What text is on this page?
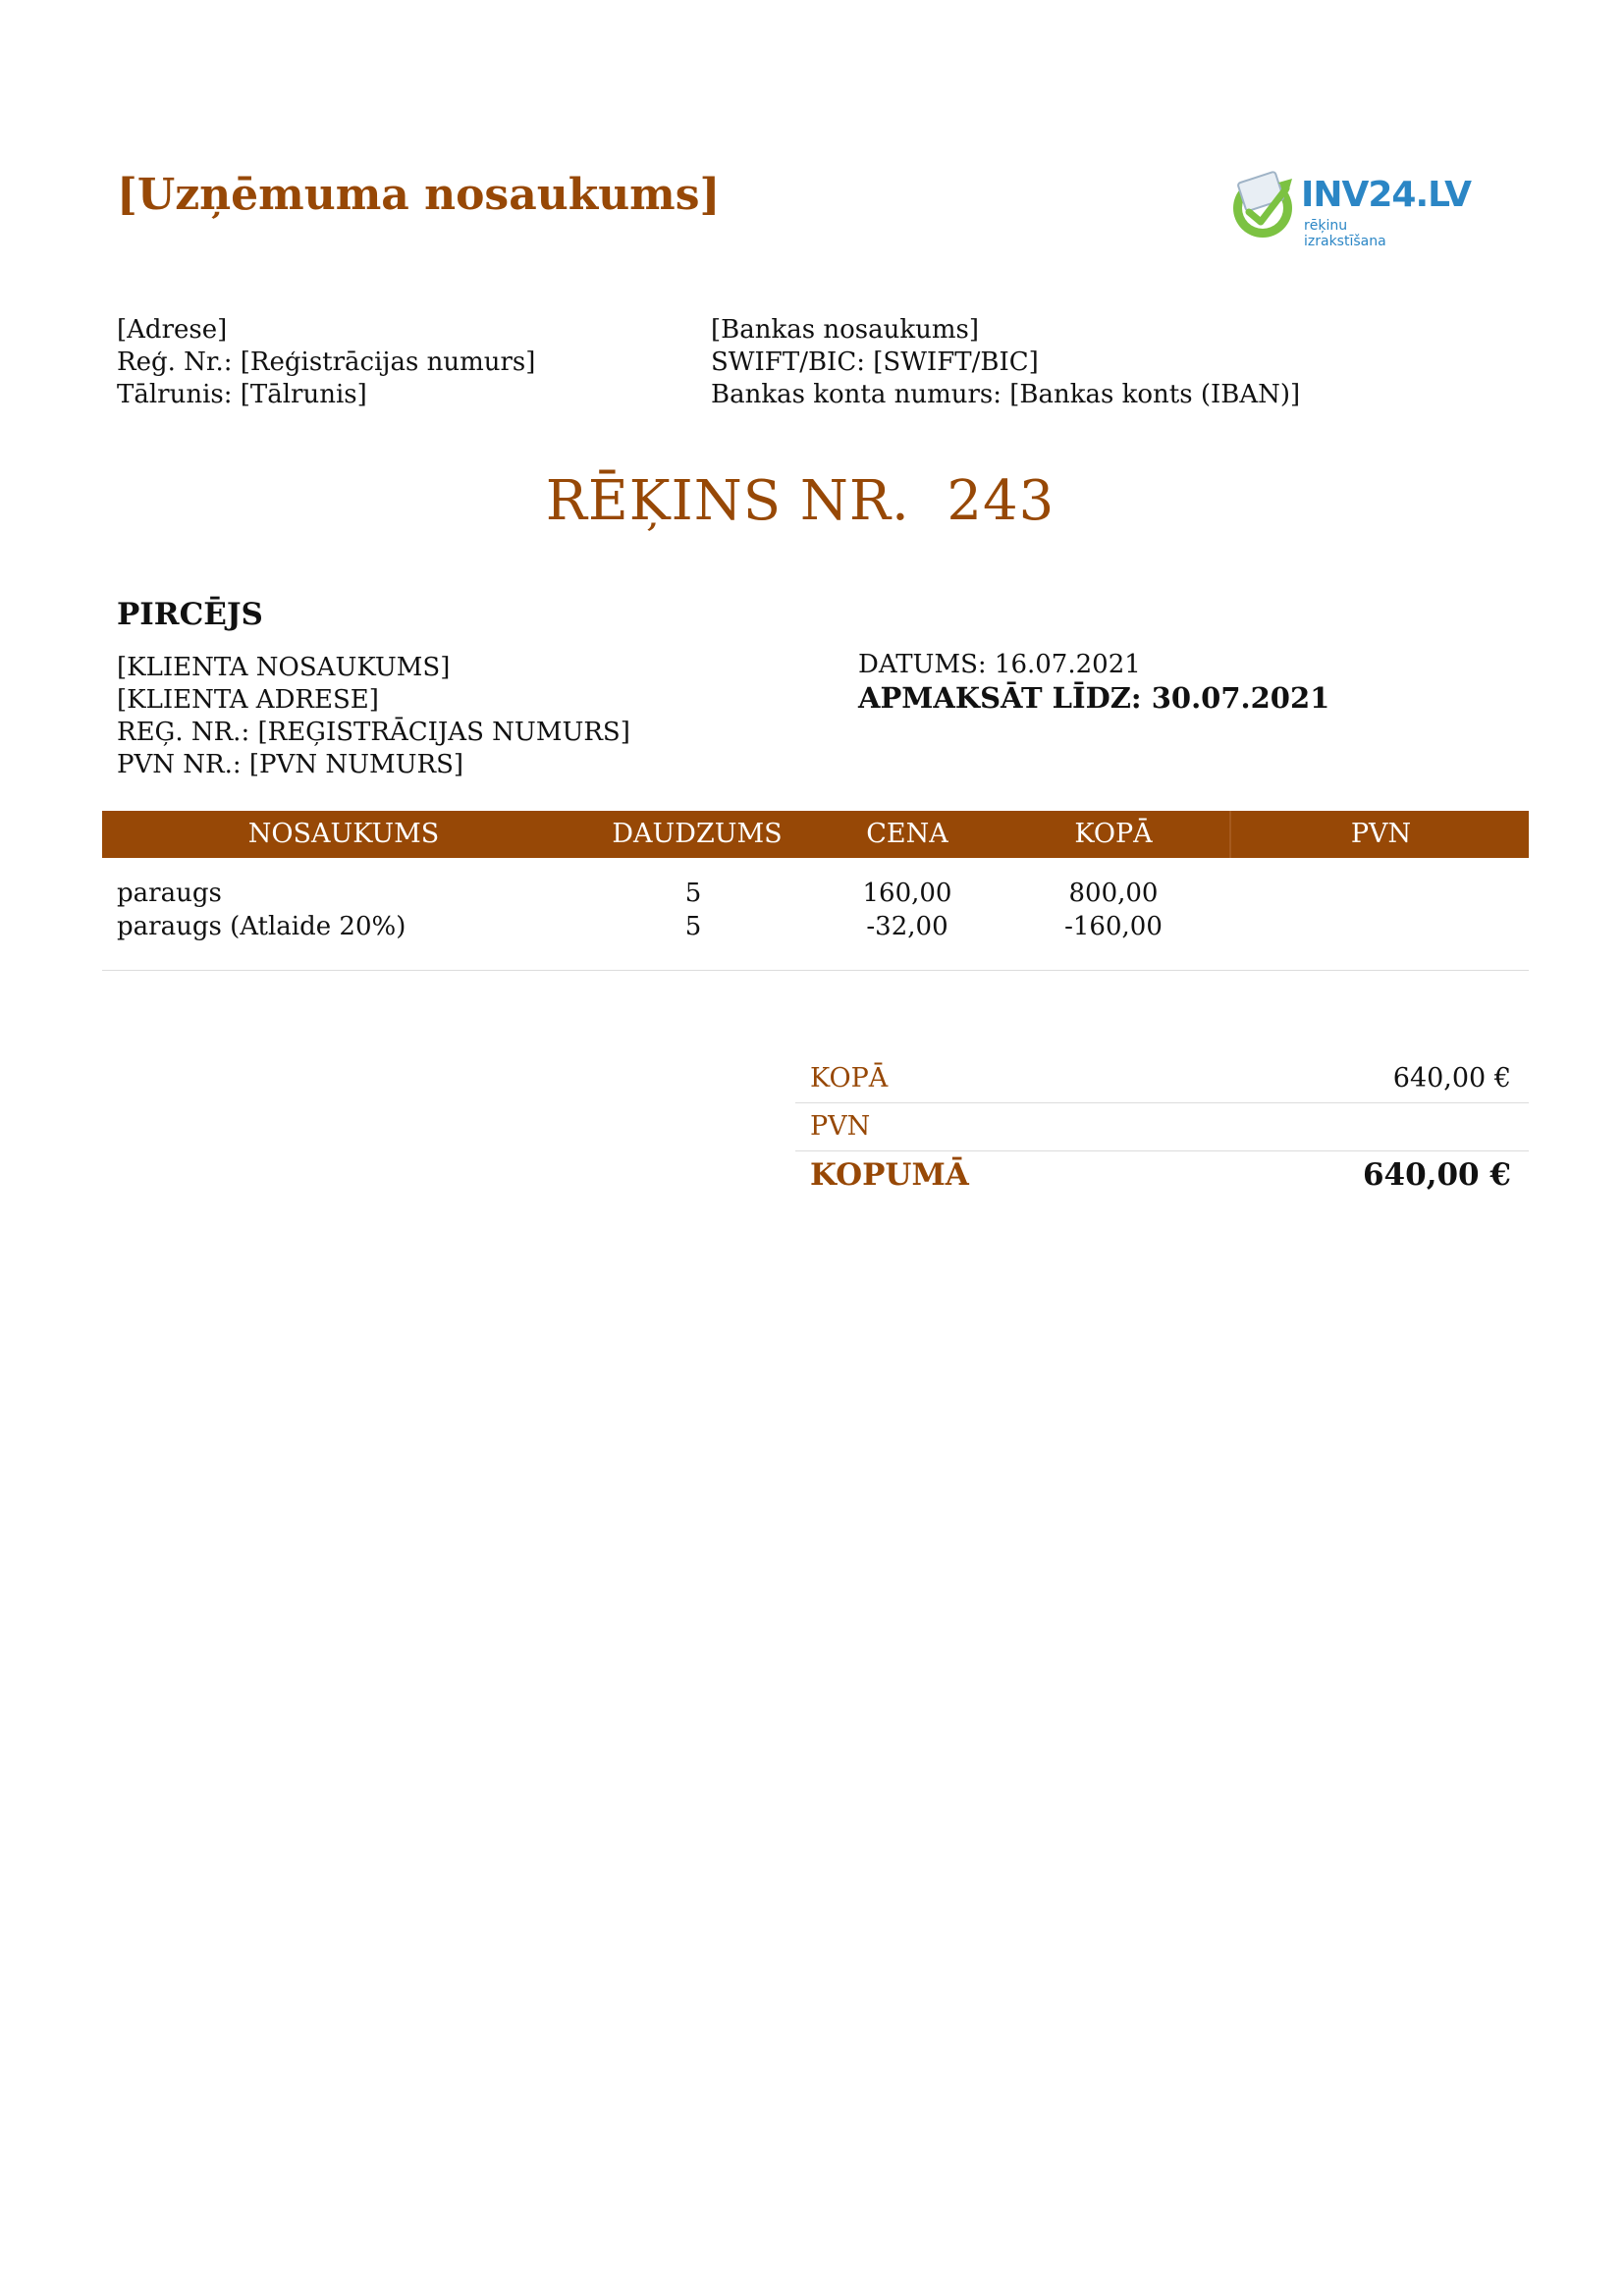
[Uzņēmuma nosaukums]	INV24.LV
rēķinu izrakstīšana
[Adrese]
Reģ. Nr.: [Reģistrācijas numurs]
Tālrunis: [Tālrunis]
[Bankas nosaukums]
SWIFT/BIC: [SWIFT/BIC]
Bankas konta numurs: [Bankas konts (IBAN)]
RĒĶINS NR.  243
PIRCĒJS
[KLIENTA NOSAUKUMS]
[KLIENTA ADRESE]
REĢ. NR.: [REĢISTRĀCIJAS NUMURS]
PVN NR.: [PVN NUMURS]
DATUMS: 16.07.2021
APMAKSĀT LĪDZ: 30.07.2021
NOSAUKUMS	DAUDZUMS	CENA	KOPĀ	PVN
paraugs	5	160,00	800,00
paraugs (Atlaide 20%)	5	-32,00	-160,00
KOPĀ	640,00 €
PVN
KOPUMĀ	640,00 €
